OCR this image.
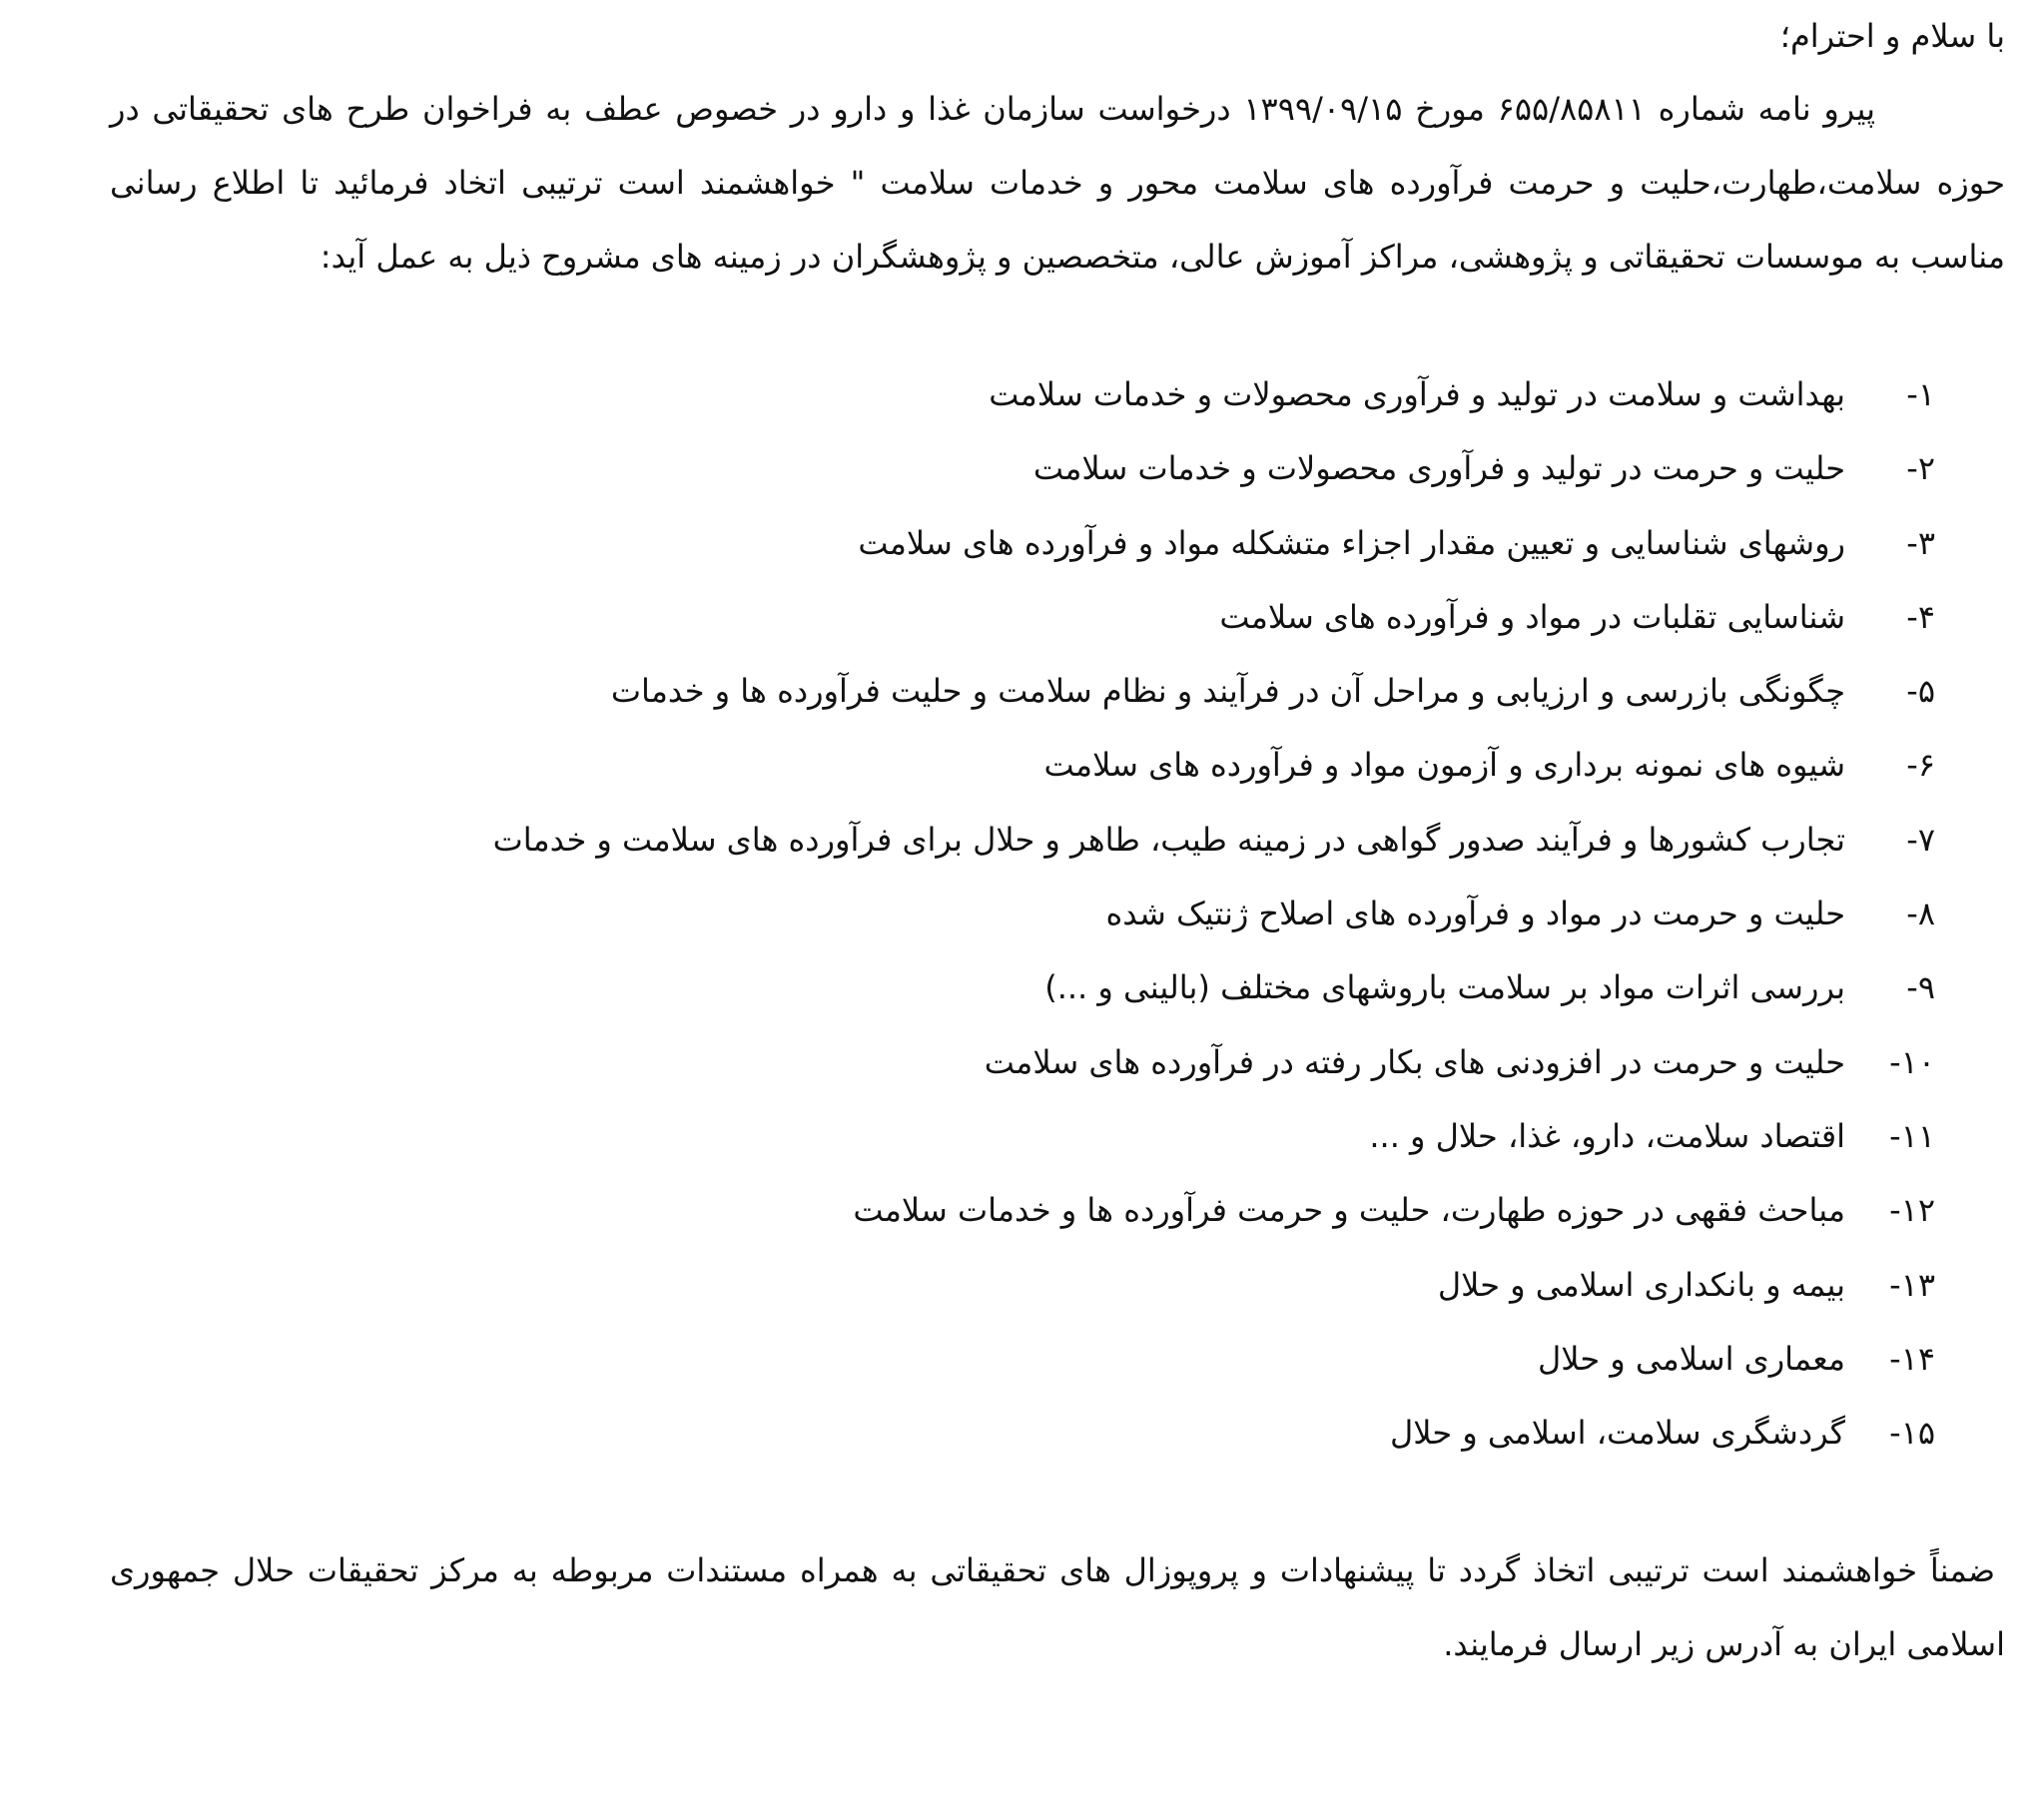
با سلام و احترام؛

پیرو نامه شماره ۶۵۵/۸۵۸۱۱ مورخ ۱۳۹۹/۰۹/۱۵ درخواست سازمان غذا و دارو در خصوص عطف به فراخوان طرح های تحقیقاتی در حوزه سلامت،طهارت،حلیت و حرمت فرآورده های سلامت محور و خدمات سلامت " خواهشمند است ترتیبی اتخاد فرمائید تا اطلاع رسانی مناسب به موسسات تحقیقاتی و پژوهشی، مراکز آموزش عالی، متخصصین و پژوهشگران در زمینه های مشروح ذیل به عمل آید:

۱-بهداشت و سلامت در تولید و فرآوری محصولات و خدمات سلامت
۲-حلیت و حرمت در تولید و فرآوری محصولات و خدمات سلامت
۳-روشهای شناسایی و تعیین مقدار اجزاء متشکله مواد و فرآورده های سلامت
۴-شناسایی تقلبات در مواد و فرآورده های سلامت
۵-چگونگی بازرسی و ارزیابی و مراحل آن در فرآیند و نظام سلامت و حلیت فرآورده ها و خدمات
۶-شیوه های نمونه برداری و آزمون مواد و فرآورده های سلامت
۷-تجارب کشورها و فرآیند صدور گواهی در زمینه طیب، طاهر و حلال برای فرآورده های سلامت و خدمات
۸-حلیت و حرمت در مواد و فرآورده های اصلاح ژنتیک شده
۹-بررسی اثرات مواد بر سلامت باروشهای مختلف (بالینی و ...)
۱۰-حلیت و حرمت در افزودنی های بکار رفته در فرآورده های سلامت
۱۱-اقتصاد سلامت، دارو، غذا، حلال و ...
۱۲-مباحث فقهی در حوزه طهارت، حلیت و حرمت فرآورده ها و خدمات سلامت
۱۳-بیمه و بانکداری اسلامی و حلال
۱۴-معماری اسلامی و حلال
۱۵-گردشگری سلامت، اسلامی و حلال

ضمناً خواهشمند است ترتیبی اتخاذ گردد تا پیشنهادات و پروپوزال های تحقیقاتی به همراه مستندات مربوطه به مرکز تحقیقات حلال جمهوری اسلامی ایران به آدرس زیر ارسال فرمایند.
